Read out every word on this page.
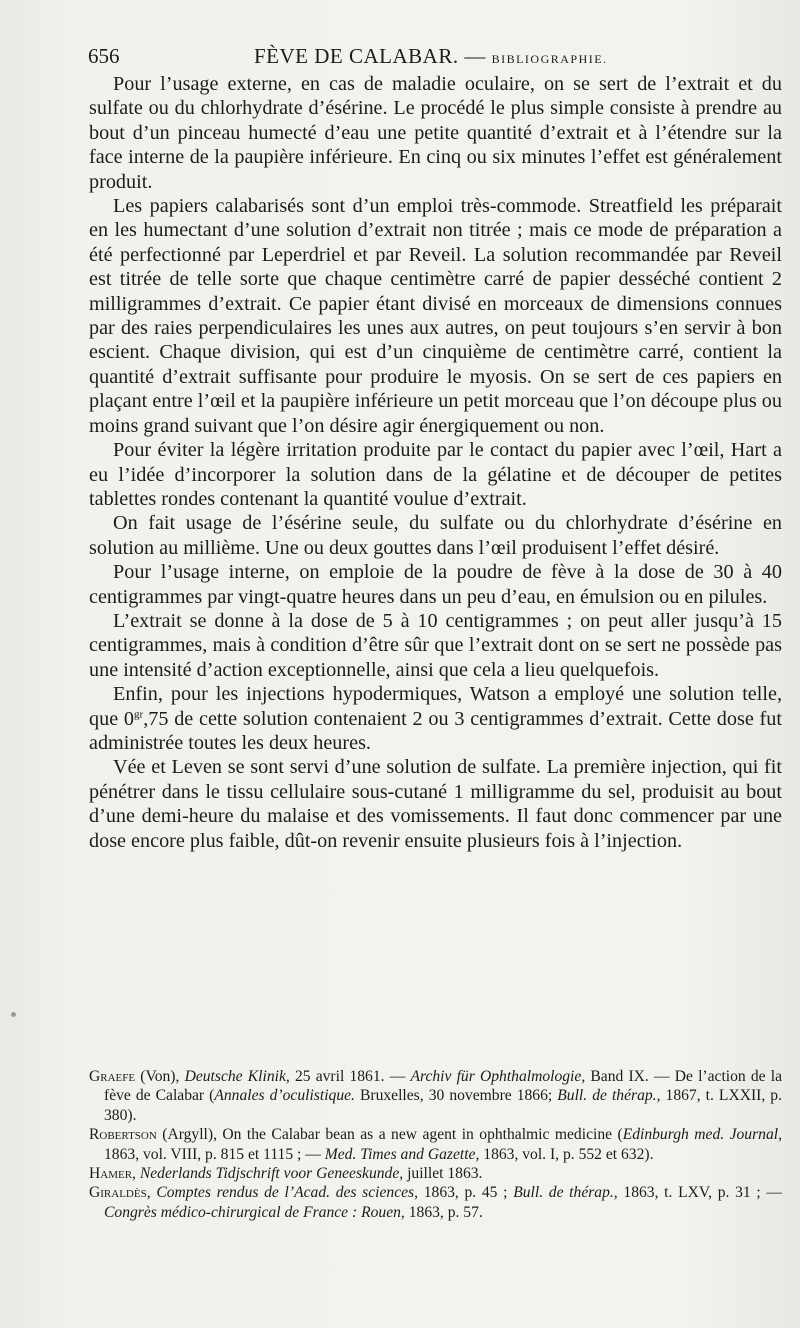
656	FÈVE DE CALABAR. — BIBLIOGRAPHIE.

Pour l’usage externe, en cas de maladie oculaire, on se sert de l’extrait et du sulfate ou du chlorhydrate d’ésérine. Le procédé le plus simple consiste à prendre au bout d’un pinceau humecté d’eau une petite quantité d’extrait et à l’étendre sur la face interne de la paupière inférieure. En cinq ou six minutes l’effet est généralement produit.

Les papiers calabarisés sont d’un emploi très-commode. Streatfield les préparait en les humectant d’une solution d’extrait non titrée ; mais ce mode de préparation a été perfectionné par Leperdriel et par Reveil. La solution recommandée par Reveil est titrée de telle sorte que chaque centimètre carré de papier desséché contient 2 milligrammes d’extrait. Ce papier étant divisé en morceaux de dimensions connues par des raies perpendiculaires les unes aux autres, on peut toujours s’en servir à bon escient. Chaque division, qui est d’un cinquième de centimètre carré, contient la quantité d’extrait suffisante pour produire le myosis. On se sert de ces papiers en plaçant entre l’œil et la paupière inférieure un petit morceau que l’on découpe plus ou moins grand suivant que l’on désire agir énergiquement ou non.

Pour éviter la légère irritation produite par le contact du papier avec l’œil, Hart a eu l’idée d’incorporer la solution dans de la gélatine et de découper de petites tablettes rondes contenant la quantité voulue d’extrait.

On fait usage de l’ésérine seule, du sulfate ou du chlorhydrate d’ésérine en solution au millième. Une ou deux gouttes dans l’œil produisent l’effet désiré.

Pour l’usage interne, on emploie de la poudre de fève à la dose de 30 à 40 centigrammes par vingt-quatre heures dans un peu d’eau, en émulsion ou en pilules.

L’extrait se donne à la dose de 5 à 10 centigrammes ; on peut aller jusqu’à 15 centigrammes, mais à condition d’être sûr que l’extrait dont on se sert ne possède pas une intensité d’action exceptionnelle, ainsi que cela a lieu quelquefois.

Enfin, pour les injections hypodermiques, Watson a employé une solution telle, que $0^{gr},75$ de cette solution contenaient 2 ou 3 centigrammes d’extrait. Cette dose fut administrée toutes les deux heures.

Vée et Leven se sont servi d’une solution de sulfate. La première injection, qui fit pénétrer dans le tissu cellulaire sous-cutané 1 milligramme du sel, produisit au bout d’une demi-heure du malaise et des vomissements. Il faut donc commencer par une dose encore plus faible, dût-on revenir ensuite plusieurs fois à l’injection.

Graefe (Von), Deutsche Klinik, 25 avril 1861. — Archiv für Ophthalmologie, Band IX. — De l’action de la fève de Calabar (Annales d’oculistique. Bruxelles, 30 novembre 1866; Bull. de thérap., 1867, t. LXXII, p. 380).

Robertson (Argyll), On the Calabar bean as a new agent in ophthalmic medicine (Edinburgh med. Journal, 1863, vol. VIII, p. 815 et 1115 ; — Med. Times and Gazette, 1863, vol. I, p. 552 et 632).

Hamer, Nederlands Tidjschrift voor Geneeskunde, juillet 1863.

Giraldès, Comptes rendus de l’Acad. des sciences, 1863, p. 45 ; Bull. de thérap., 1863, t. LXV, p. 31 ; — Congrès médico-chirurgical de France : Rouen, 1863, p. 57.
